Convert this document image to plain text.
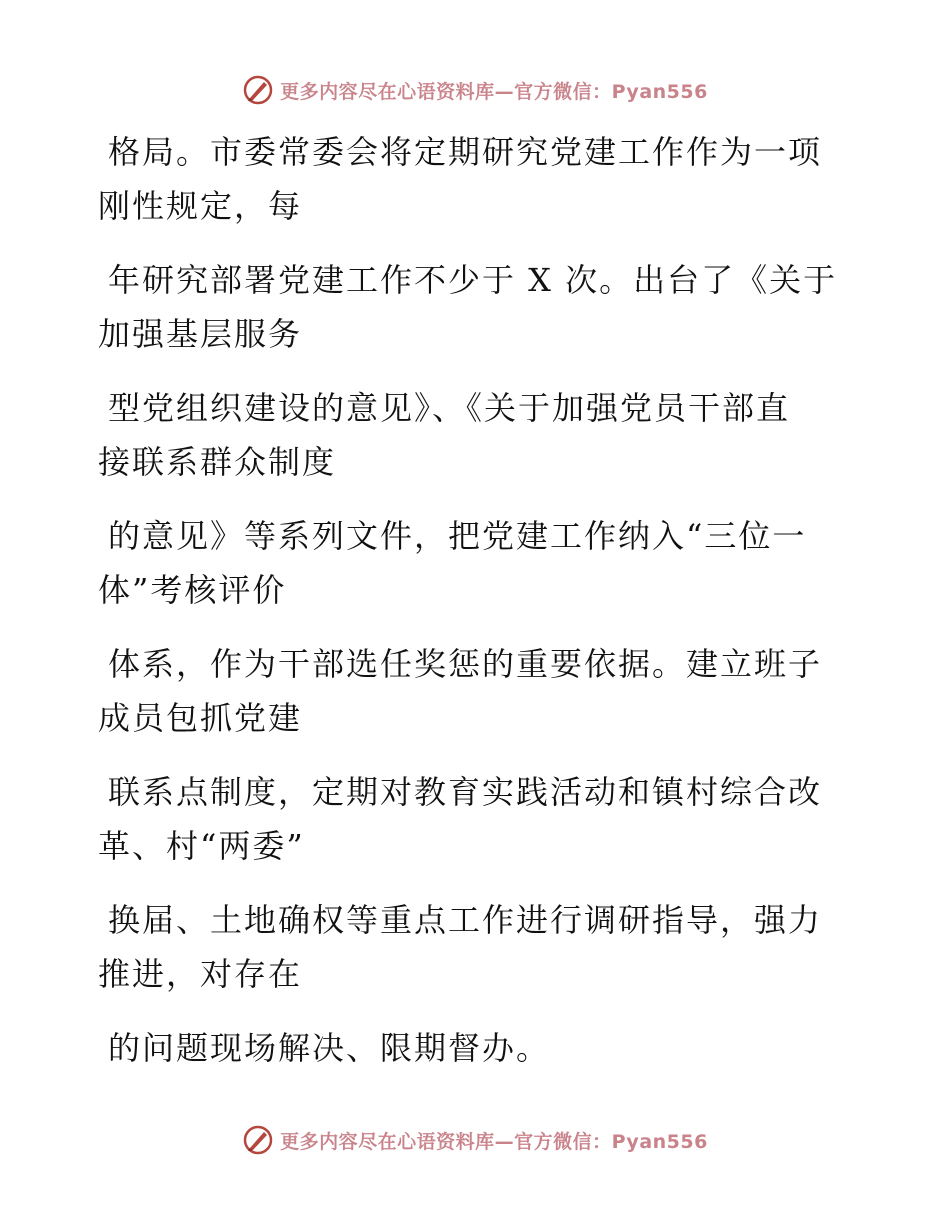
更多内容尽在心语资料库—官方微信：Pyan556

格局。市委常委会将定期研究党建工作作为一项
刚性规定，每

年研究部署党建工作不少于 X 次。出台了《关于
加强基层服务

型党组织建设的意见》、《关于加强党员干部直
接联系群众制度

的意见》等系列文件，把党建工作纳入“三位一
体”考核评价

体系，作为干部选任奖惩的重要依据。建立班子
成员包抓党建

联系点制度，定期对教育实践活动和镇村综合改
革、村“两委”

换届、土地确权等重点工作进行调研指导，强力
推进，对存在

的问题现场解决、限期督办。

更多内容尽在心语资料库—官方微信：Pyan556
